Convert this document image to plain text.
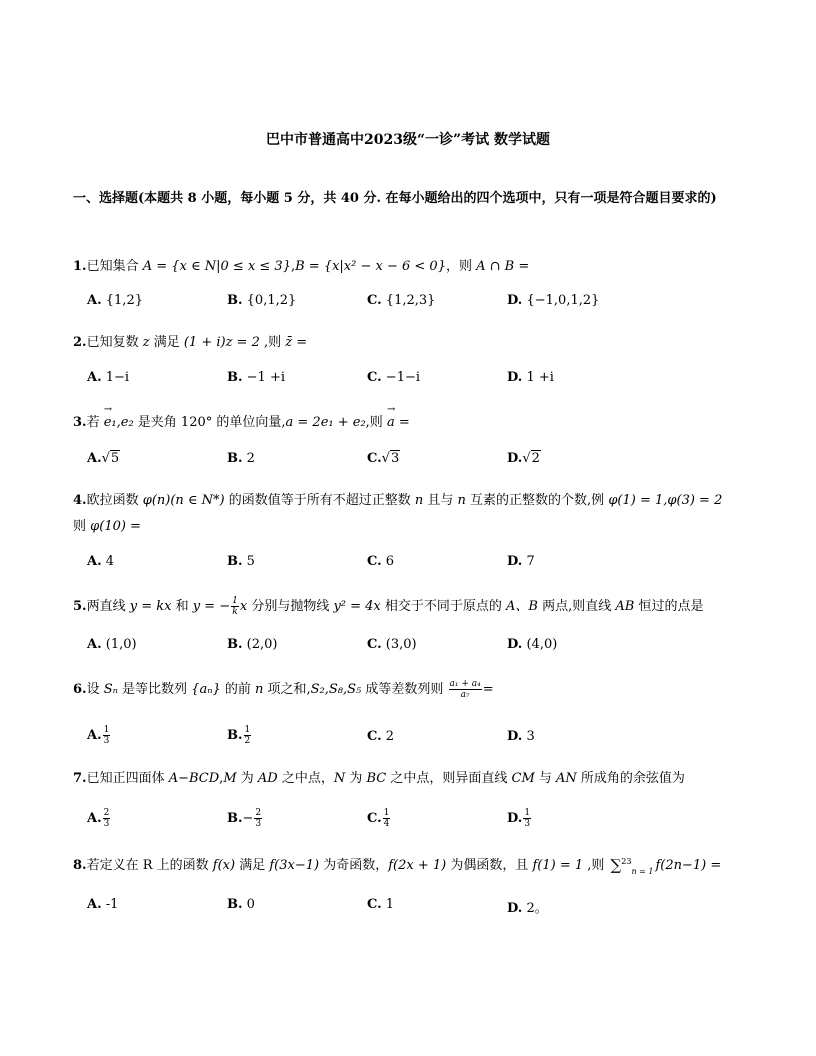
巴中市普通高中2023级“一诊”考试 数学试题
一、选择题(本题共 8 小题，每小题 5 分，共 40 分. 在每小题给出的四个选项中，只有一项是符合题目要求的)
1.已知集合 A = {x ∈ N|0 ≤ x ≤ 3},B = {x|x² − x − 6 < 0}，则 A ∩ B =
A. {1,2}	B. {0,1,2}	C. {1,2,3}	D. {−1,0,1,2}
2.已知复数 z 满足 (1 + i)z = 2 ,则 z̄ =
A. 1−i	B. −1 +i	C. −1−i	D. 1 +i
3.若 → e₁,e₂ 是夹角 120° 的单位向量,a = 2e₁ + e₂,则 → a =
A.√5	B. 2	C.√3	D.√2
4.欧拉函数 φ(n)(n ∈ N*) 的函数值等于所有不超过正整数 n 且与 n 互素的正整数的个数,例 φ(1) = 1,φ(3) = 2
则 φ(10) =
A. 4	B. 5	C. 6	D. 7
5.两直线 y = kx 和 y = − $\frac{1}{k}$ x 分别与抛物线 y² = 4x 相交于不同于原点的 A、B 两点,则直线 AB 恒过的点是
A. (1,0)	B. (2,0)	C. (3,0)	D. (4,0)
6.设 Sₙ 是等比数列 {aₙ} 的前 n 项之和,S₂,S₈,S₅ 成等差数列则 $\frac{\text{a₁ + a₄}}{\text{a₇}}$ =
A. $\frac{1}{3}$	B. $\frac{1}{2}$	C. 2	D. 3
7.已知正四面体 A−BCD,M 为 AD 之中点，N 为 BC 之中点，则异面直线 CM 与 AN 所成角的余弦值为
A. $\frac{2}{3}$	$B.- \frac{2}{3}$	C. $\frac{1}{4}$	D. $\frac{1}{3}$
8.若定义在 R 上的函数 f(x) 满足 f(3x−1) 为奇函数，f(2x + 1) 为偶函数，且 f(1) = 1 ,则 ∑$^{23}_{n = 1}$ f(2n−1) =
A. -1	B. 0	C. 1	D. 2。
